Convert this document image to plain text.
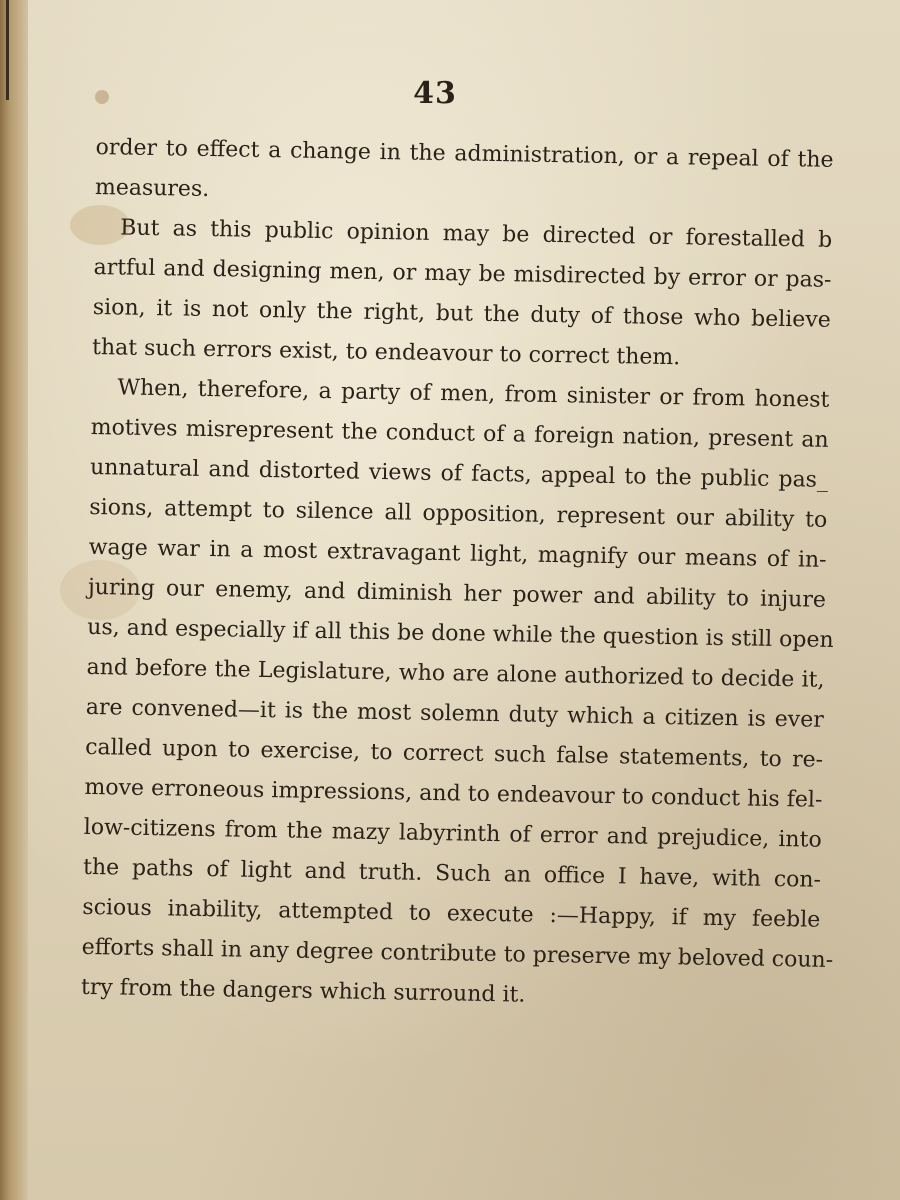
43
order to effect a change in the administration, or a repeal of the
measures.
But as this public opinion may be directed or forestalled b
artful and designing men, or may be misdirected by error or pas-
sion, it is not only the right, but the duty of those who believe
that such errors exist, to endeavour to correct them.
When, therefore, a party of men, from sinister or from honest
motives misrepresent the conduct of a foreign nation, present an
unnatural and distorted views of facts, appeal to the public pas_
sions, attempt to silence all opposition, represent our ability to
wage war in a most extravagant light, magnify our means of in-
juring our enemy, and diminish her power and ability to injure
us, and especially if all this be done while the question is still open
and before the Legislature, who are alone authorized to decide it,
are convened—it is the most solemn duty which a citizen is ever
called upon to exercise, to correct such false statements, to re-
move erroneous impressions, and to endeavour to conduct his fel-
low-citizens from the mazy labyrinth of error and prejudice, into
the paths of light and truth. Such an office I have, with con-
scious inability, attempted to execute :—Happy, if my feeble
efforts shall in any degree contribute to preserve my beloved coun-
try from the dangers which surround it.
